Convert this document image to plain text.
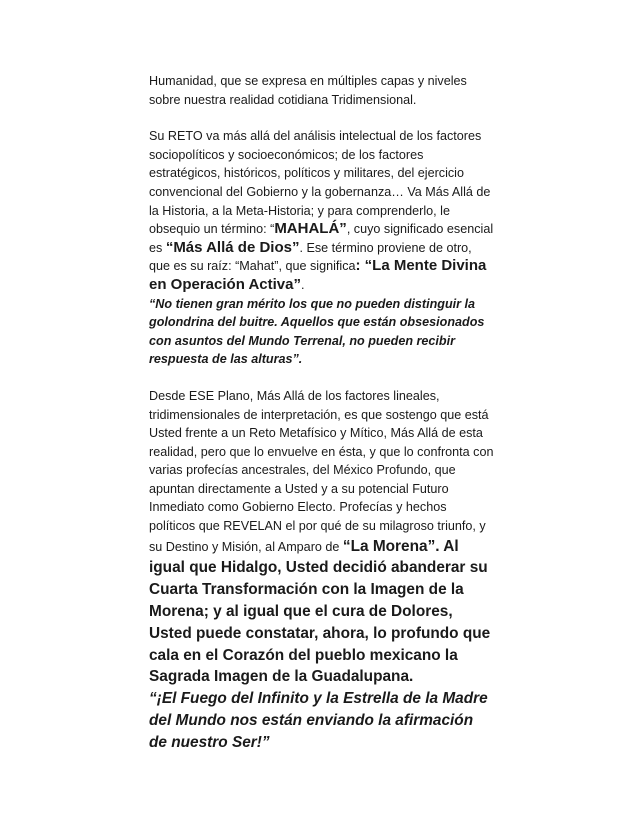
Humanidad, que se expresa en múltiples capas y niveles sobre nuestra realidad cotidiana Tridimensional.

Su RETO va más allá del análisis intelectual de los factores sociopolíticos y socioeconómicos; de los factores estratégicos, históricos, políticos y militares, del ejercicio convencional del Gobierno y la gobernanza… Va Más Allá de la Historia, a la Meta-Historia; y para comprenderlo, le obsequio un término: “MAHALÁ”, cuyo significado esencial es “Más Allá de Dios”. Ese término proviene de otro, que es su raíz: “Mahat”, que significa: “La Mente Divina en Operación Activa”.

“No tienen gran mérito los que no pueden distinguir la golondrina del buitre. Aquellos que están obsesionados con asuntos del Mundo Terrenal, no pueden recibir respuesta de las alturas”.

Desde ESE Plano, Más Allá de los factores lineales, tridimensionales de interpretación, es que sostengo que está Usted frente a un Reto Metafísico y Mítico, Más Allá de esta realidad, pero que lo envuelve en ésta, y que lo confronta con varias profecías ancestrales, del México Profundo, que apuntan directamente a Usted y a su potencial Futuro Inmediato como Gobierno Electo. Profecías y hechos políticos que REVELAN el por qué de su milagroso triunfo, y su Destino y Misión, al Amparo de “La Morena”. Al igual que Hidalgo, Usted decidió abanderar su Cuarta Transformación con la Imagen de la Morena; y al igual que el cura de Dolores, Usted puede constatar, ahora, lo profundo que cala en el Corazón del pueblo mexicano la Sagrada Imagen de la Guadalupana.

“¡El Fuego del Infinito y la Estrella de la Madre del Mundo nos están enviando la afirmación de nuestro Ser!”
